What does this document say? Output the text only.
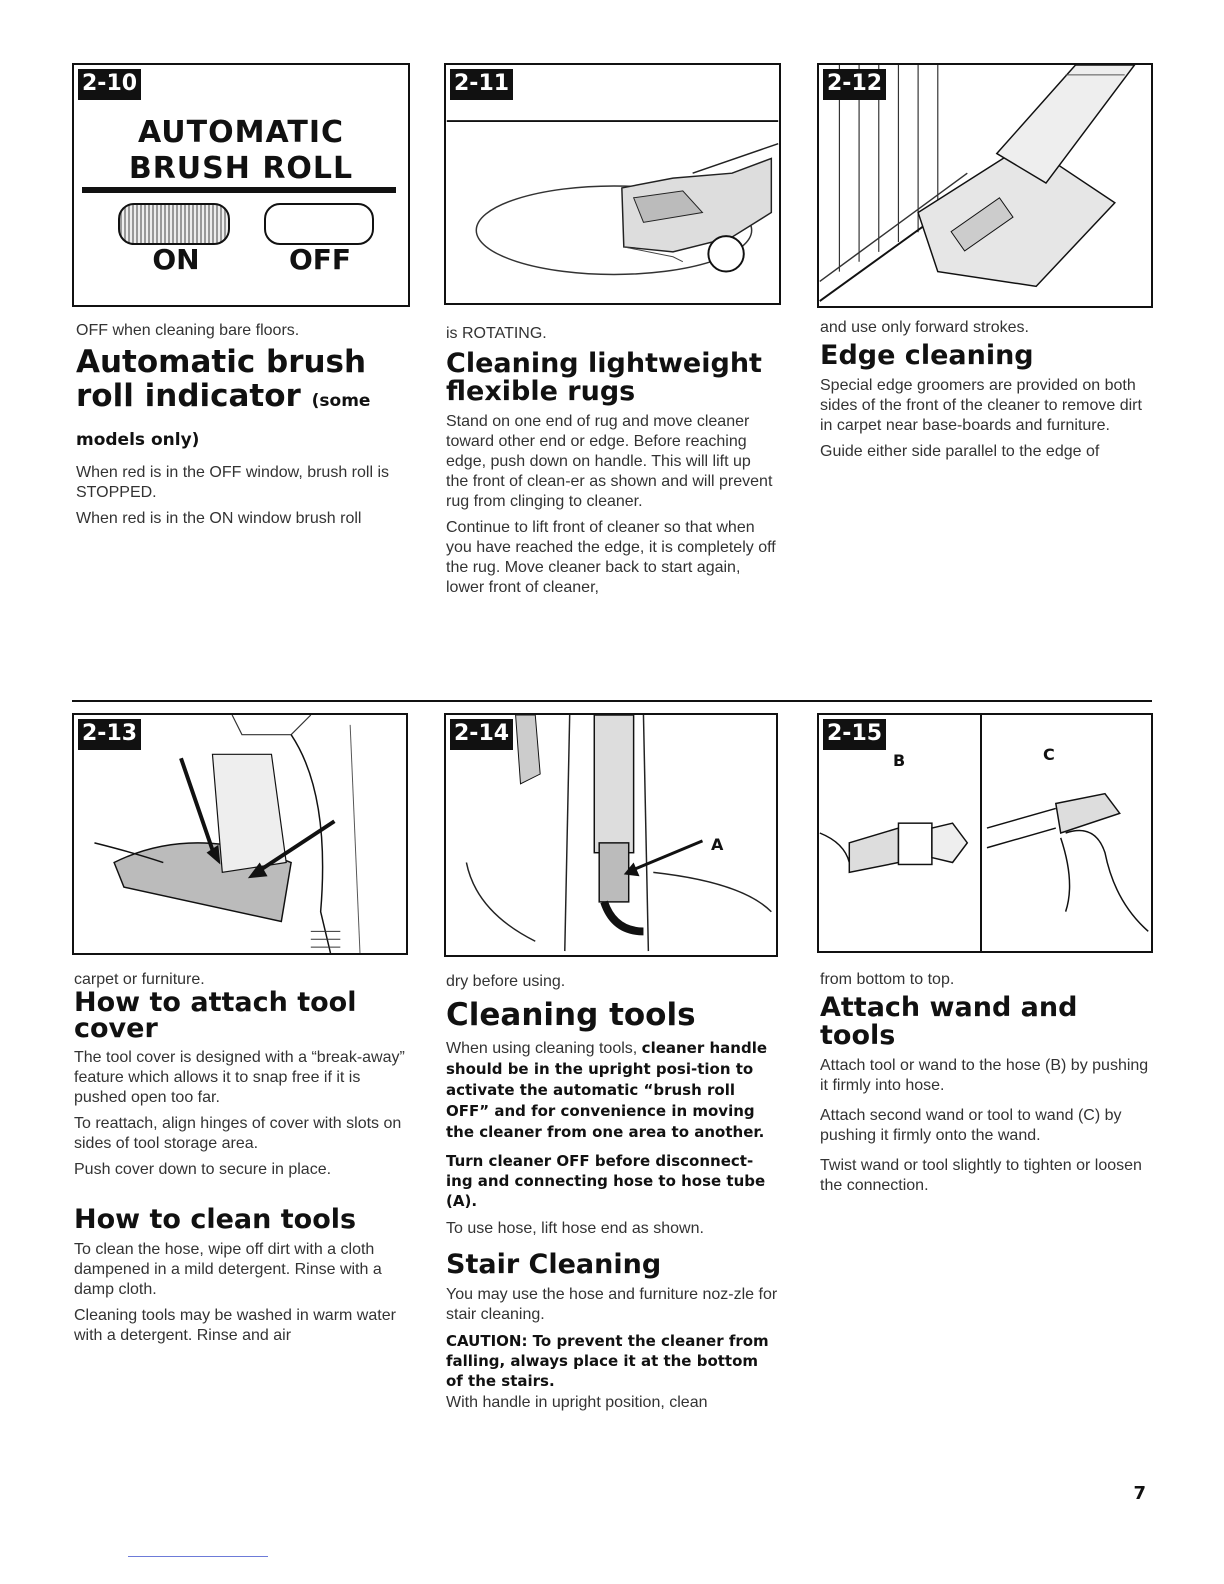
2-10
AUTOMATIC
BRUSH ROLL
ON	OFF
2-11	2-12

OFF when cleaning bare floors.

Automatic brush roll indicator (some models only)

When red is in the OFF window, brush roll is STOPPED.

When red is in the ON window brush roll

is ROTATING.

Cleaning lightweight flexible rugs

Stand on one end of rug and move cleaner toward other end or edge. Before reaching edge, push down on handle. This will lift up the front of clean-er as shown and will prevent rug from clinging to cleaner.

Continue to lift front of cleaner so that when you have reached the edge, it is completely off the rug. Move cleaner back to start again, lower front of cleaner,

and use only forward strokes.

Edge cleaning

Special edge groomers are provided on both sides of the front of the cleaner to remove dirt in carpet near base-boards and furniture.

Guide either side parallel to the edge of

2-13	2-14
A
2-15
B	C

carpet or furniture.

How to attach tool cover

The tool cover is designed with a “break-away” feature which allows it to snap free if it is pushed open too far.

To reattach, align hinges of cover with slots on sides of tool storage area.

Push cover down to secure in place.

How to clean tools

To clean the hose, wipe off dirt with a cloth dampened in a mild detergent. Rinse with a damp cloth.

Cleaning tools may be washed in warm water with a detergent. Rinse and air

dry before using.

Cleaning tools

When using cleaning tools, cleaner handle should be in the upright posi-tion to activate the automatic “brush roll OFF” and for convenience in moving the cleaner from one area to another.

Turn cleaner OFF before disconnect-ing and connecting hose to hose tube (A).

To use hose, lift hose end as shown.

Stair Cleaning

You may use the hose and furniture noz-zle for stair cleaning.

CAUTION: To prevent the cleaner from falling, always place it at the bottom of the stairs.

With handle in upright position, clean

from bottom to top.

Attach wand and tools

Attach tool or wand to the hose (B) by pushing it firmly into hose.

Attach second wand or tool to wand (C) by pushing it firmly onto the wand.

Twist wand or tool slightly to tighten or loosen the connection.

7
